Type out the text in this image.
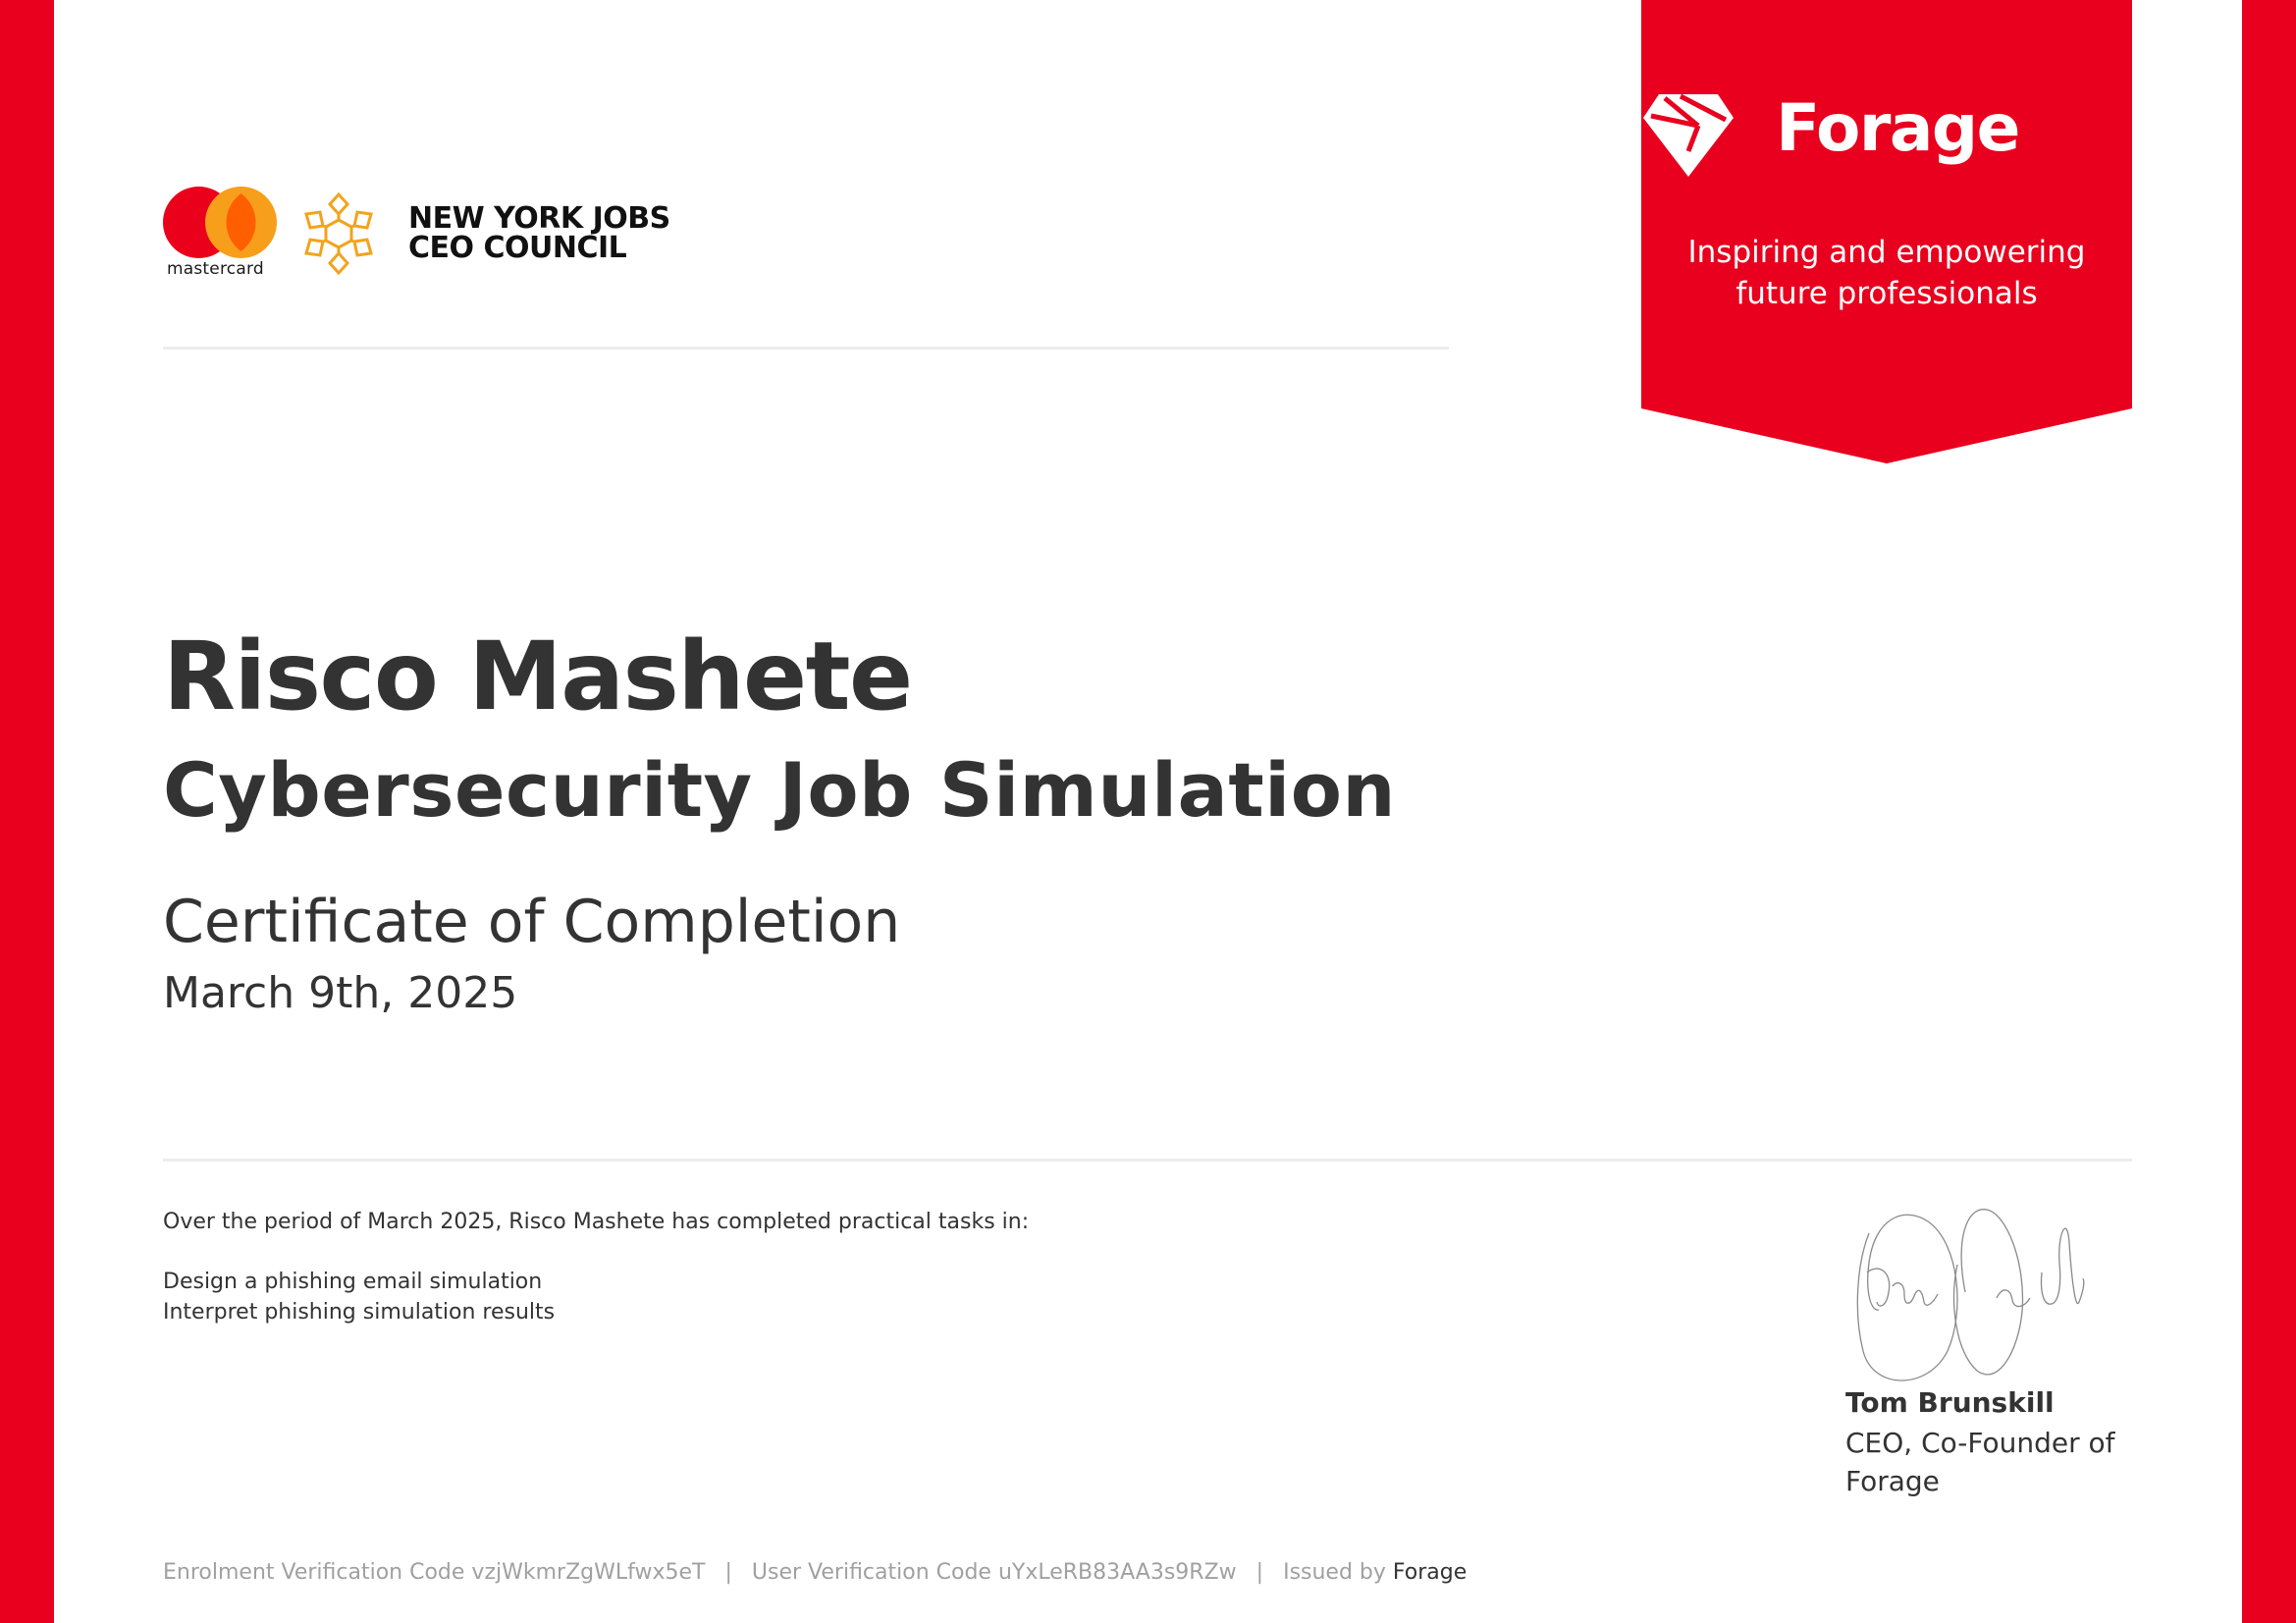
mastercard
NEW YORK JOBS
CEO COUNCIL
Forage
Inspiring and empowering
future professionals
Risco Mashete
Cybersecurity Job Simulation
Certificate of Completion
March 9th, 2025
Over the period of March 2025, Risco Mashete has completed practical tasks in:
Design a phishing email simulation
Interpret phishing simulation results
Tom Brunskill
CEO, Co-Founder of Forage
Enrolment Verification Code vzjWkmrZgWLfwx5eT | User Verification Code uYxLeRB83AA3s9RZw | Issued by Forage
